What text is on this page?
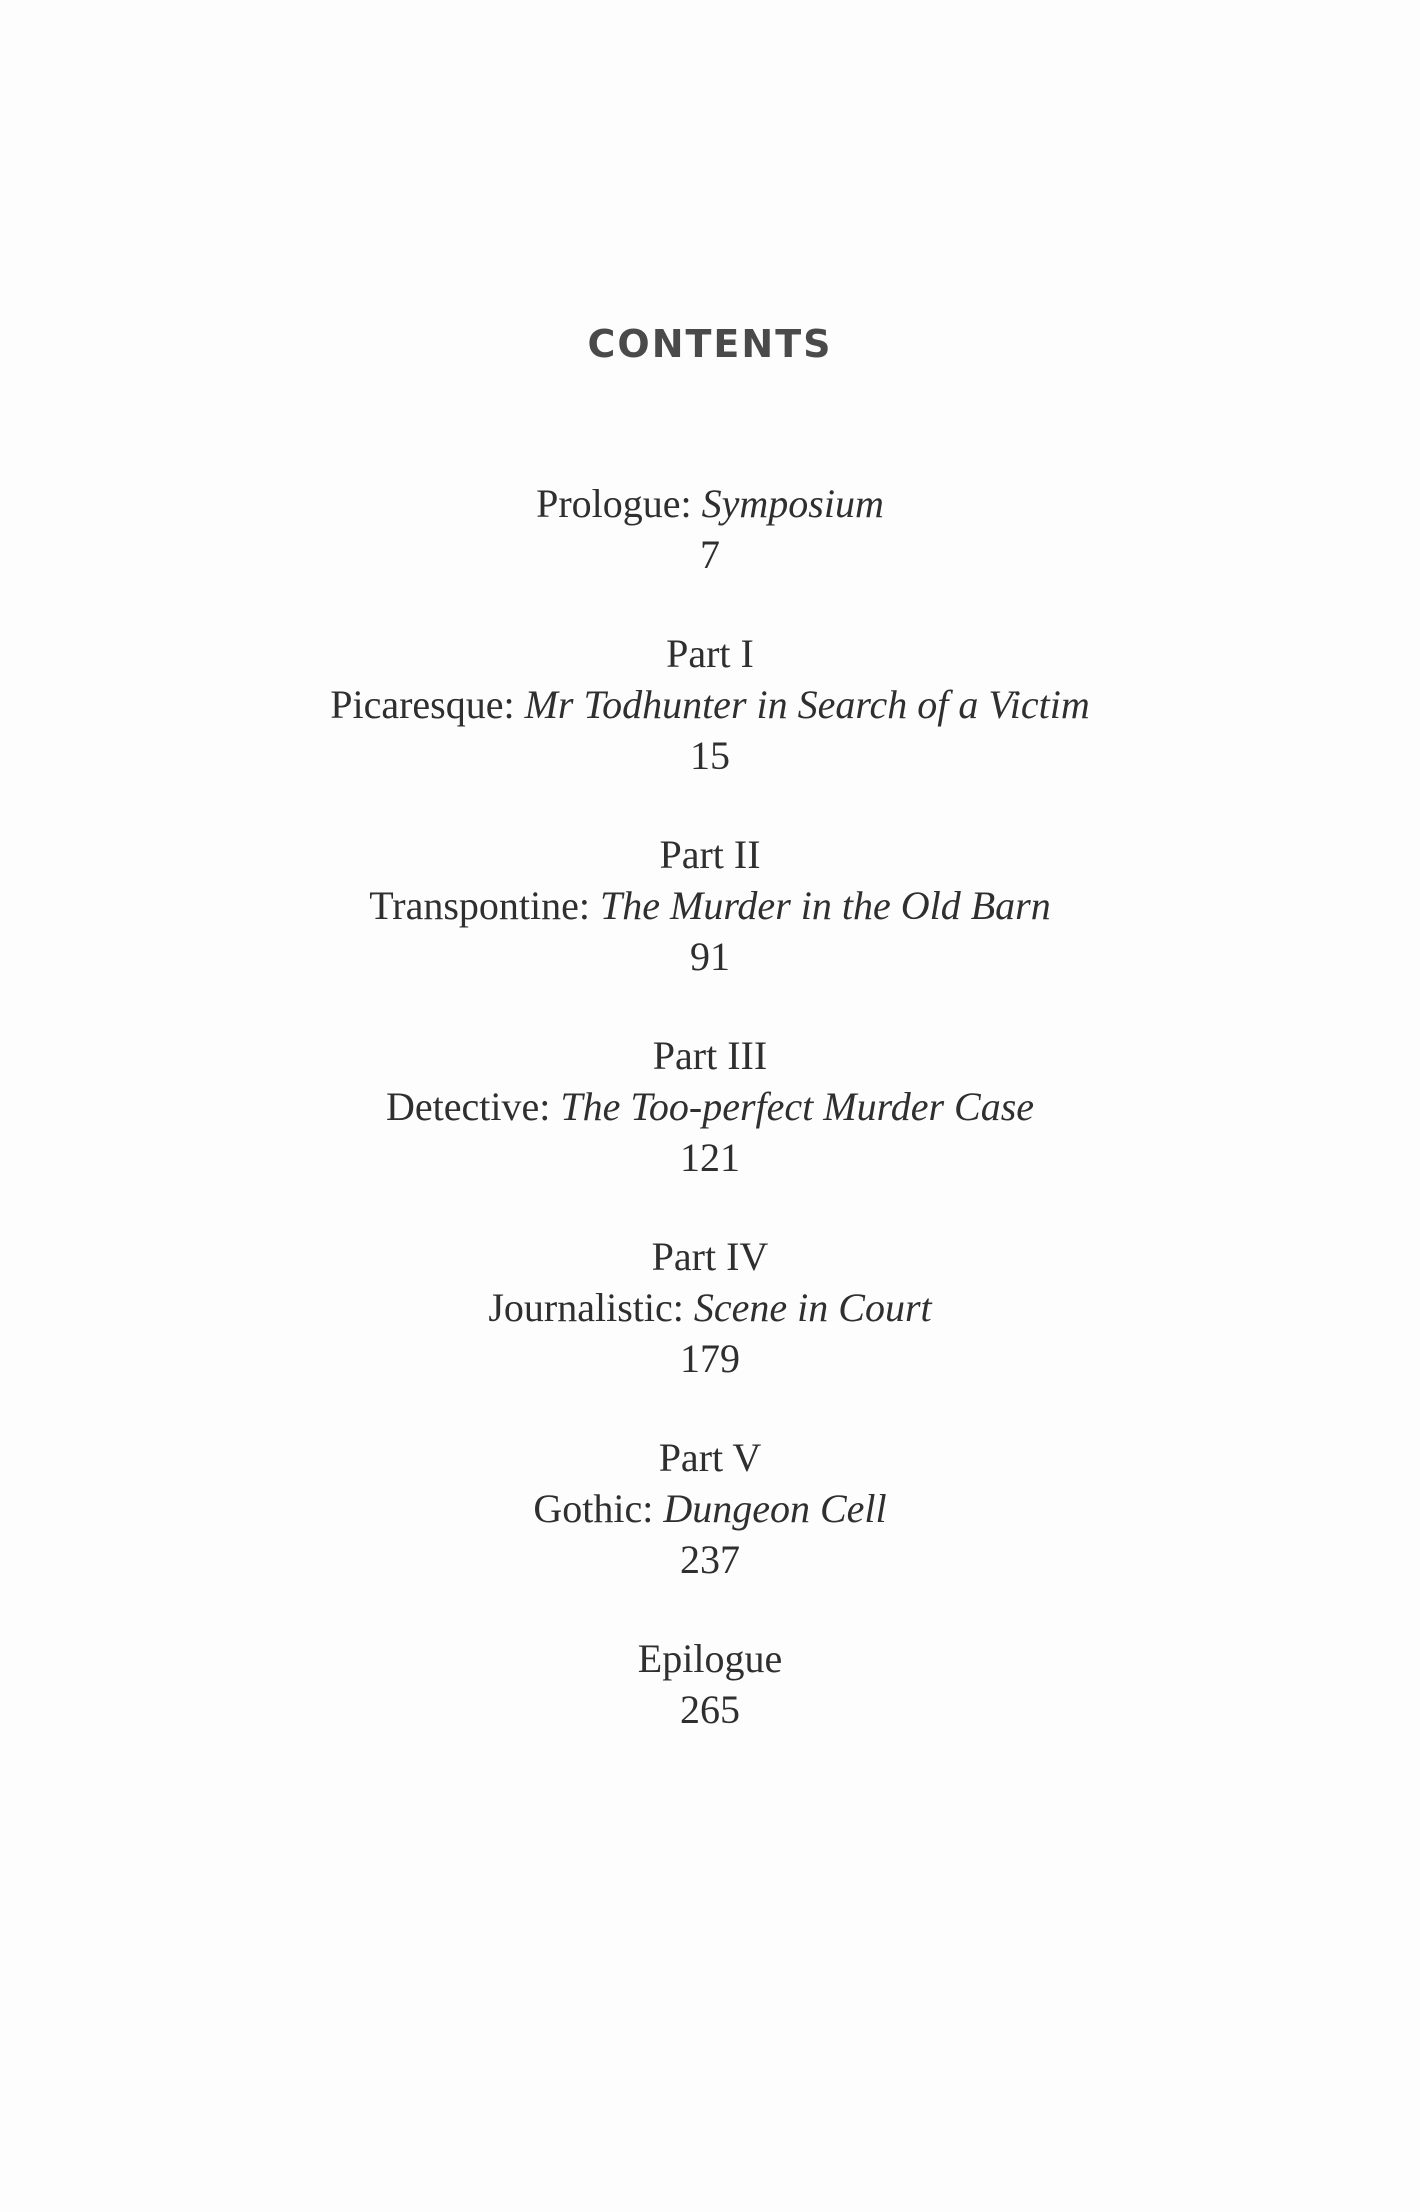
CONTENTS
Prologue: Symposium
7
Part I
Picaresque: Mr Todhunter in Search of a Victim
15
Part II
Transpontine: The Murder in the Old Barn
91
Part III
Detective: The Too-perfect Murder Case
121
Part IV
Journalistic: Scene in Court
179
Part V
Gothic: Dungeon Cell
237
Epilogue
265
